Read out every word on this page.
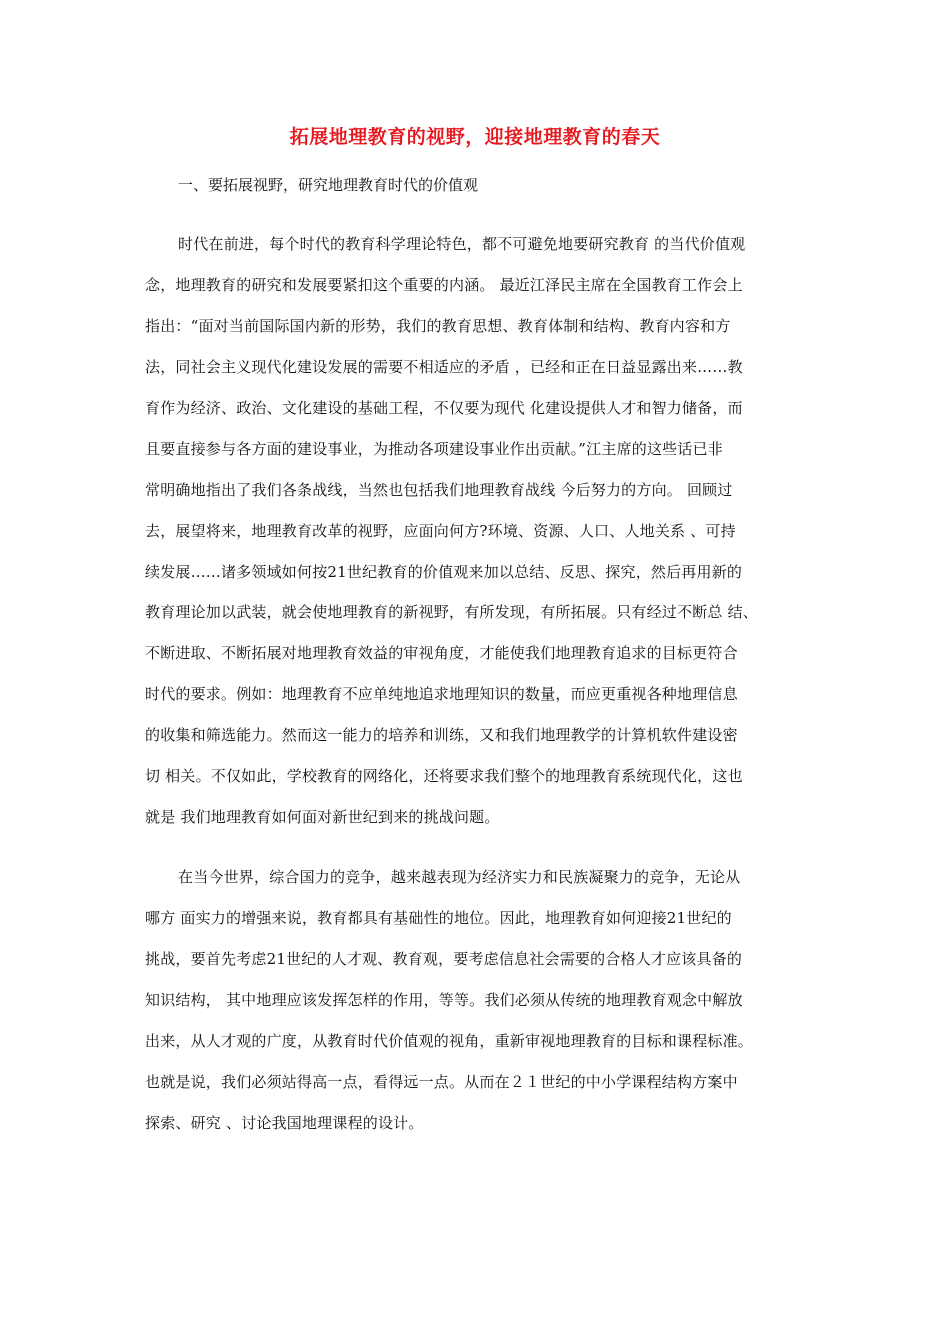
拓展地理教育的视野，迎接地理教育的春天
一、要拓展视野，研究地理教育时代的价值观
时代在前进，每个时代的教育科学理论特色，都不可避免地要研究教育 的当代价值观
念，地理教育的研究和发展要紧扣这个重要的内涵。 最近江泽民主席在全国教育工作会上
指出：“面对当前国际国内新的形势，我们的教育思想、教育体制和结构、教育内容和方
法，同社会主义现代化建设发展的需要不相适应的矛盾 ，已经和正在日益显露出来……教
育作为经济、政治、文化建设的基础工程，不仅要为现代 化建设提供人才和智力储备，而
且要直接参与各方面的建设事业，为推动各项建设事业作出贡献。”江主席的这些话已非
常明确地指出了我们各条战线，当然也包括我们地理教育战线 今后努力的方向。 回顾过
去，展望将来，地理教育改革的视野，应面向何方?环境、资源、人口、人地关系 、可持
续发展……诸多领域如何按21世纪教育的价值观来加以总结、反思、探究，然后再用新的
教育理论加以武装，就会使地理教育的新视野，有所发现，有所拓展。只有经过不断总 结、
不断进取、不断拓展对地理教育效益的审视角度，才能使我们地理教育追求的目标更符合
时代的要求。例如：地理教育不应单纯地追求地理知识的数量，而应更重视各种地理信息
的收集和筛选能力。然而这一能力的培养和训练，又和我们地理教学的计算机软件建设密
切 相关。不仅如此，学校教育的网络化，还将要求我们整个的地理教育系统现代化，这也
就是 我们地理教育如何面对新世纪到来的挑战问题。
在当今世界，综合国力的竞争，越来越表现为经济实力和民族凝聚力的竞争，无论从
哪方 面实力的增强来说，教育都具有基础性的地位。因此，地理教育如何迎接21世纪的
挑战，要首先考虑21世纪的人才观、教育观，要考虑信息社会需要的合格人才应该具备的
知识结构， 其中地理应该发挥怎样的作用，等等。我们必须从传统的地理教育观念中解放
出来，从人才观的广度，从教育时代价值观的视角，重新审视地理教育的目标和课程标准。
也就是说，我们必须站得高一点，看得远一点。从而在２１世纪的中小学课程结构方案中
探索、研究 、讨论我国地理课程的设计。
